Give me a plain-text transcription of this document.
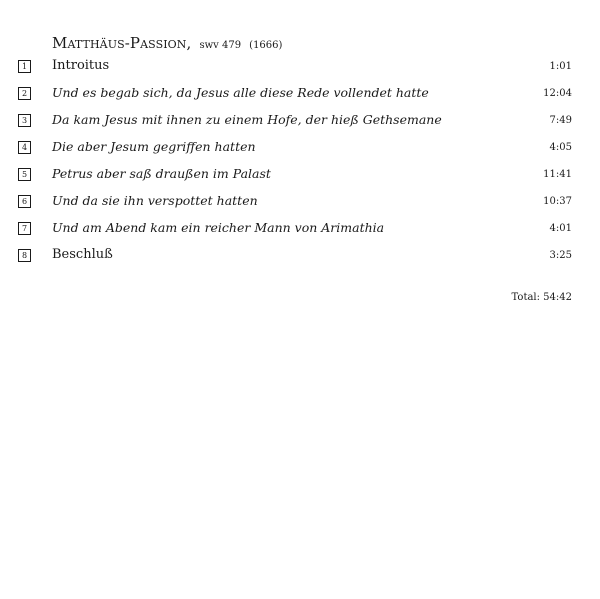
Matthäus-Passion, swv 479 (1666)
1	Introitus	1:01
2	Und es begab sich, da Jesus alle diese Rede vollendet hatte	12:04
3	Da kam Jesus mit ihnen zu einem Hofe, der hieß Gethsemane	7:49
4	Die aber Jesum gegriffen hatten	4:05
5	Petrus aber saß draußen im Palast	11:41
6	Und da sie ihn verspottet hatten	10:37
7	Und am Abend kam ein reicher Mann von Arimathia	4:01
8	Beschluß	3:25
Total: 54:42
